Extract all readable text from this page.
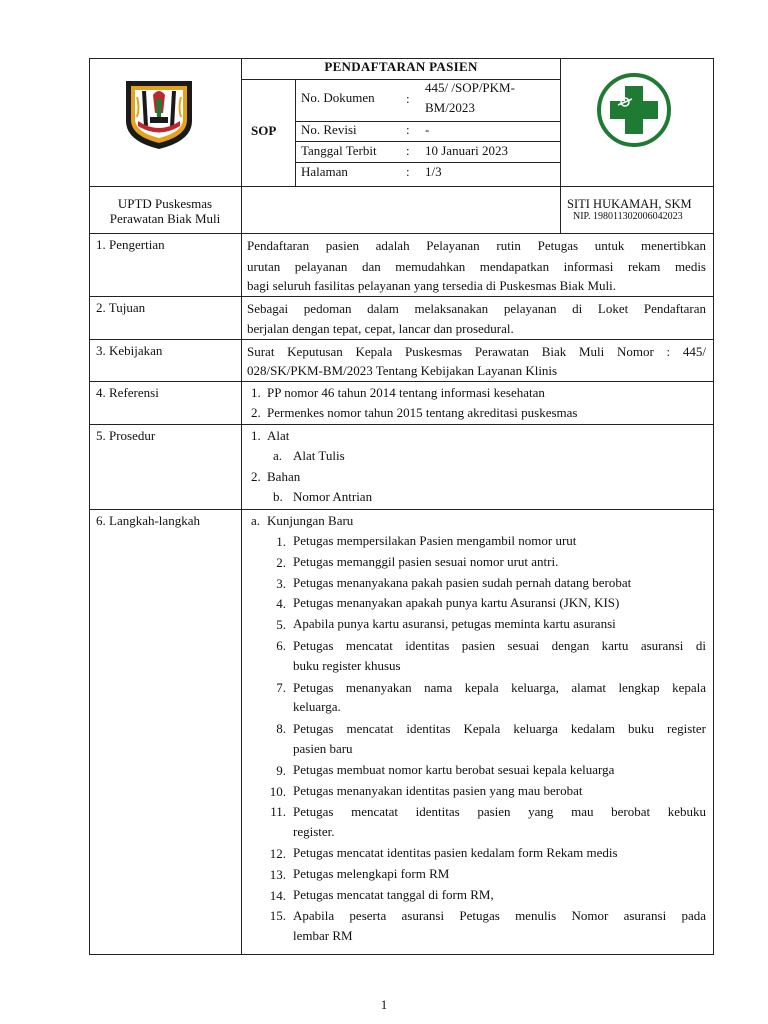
PENDAFTARAN PASIEN
SOP
No. Dokumen :
445/ /SOP/PKM-
BM/2023
No. Revisi	: -
Tanggal Terbit : 10 Januari 2023
Halaman	: 1/3
UPTD Puskesmas
Perawatan Biak Muli
SITI HUKAMAH, SKM
NIP. 198011302006042023
1. Pengertian	Pendaftaran pasien adalah Pelayanan rutin Petugas untuk menertibkan
urutan pelayanan dan memudahkan mendapatkan informasi rekam medis
bagi seluruh fasilitas pelayanan yang tersedia di Puskesmas Biak Muli.
2. Tujuan	Sebagai pedoman dalam melaksanakan pelayanan di Loket Pendaftaran
berjalan dengan tepat, cepat, lancar dan prosedural.
3. Kebijakan	Surat Keputusan Kepala Puskesmas Perawatan Biak Muli Nomor : 445/
028/SK/PKM-BM/2023 Tentang Kebijakan Layanan Klinis
4. Referensi	1. PP nomor 46 tahun 2014 tentang informasi kesehatan
2. Permenkes nomor tahun 2015 tentang akreditasi puskesmas
5. Prosedur	1. Alat
a. Alat Tulis
2. Bahan
b. Nomor Antrian
6. Langkah-langkah	a. Kunjungan Baru
1. Petugas mempersilakan Pasien mengambil nomor urut
2. Petugas memanggil pasien sesuai nomor urut antri.
3. Petugas menanyakana pakah pasien sudah pernah datang berobat
4. Petugas menanyakan apakah punya kartu Asuransi (JKN, KIS)
5. Apabila punya kartu asuransi, petugas meminta kartu asuransi
6. Petugas mencatat identitas pasien sesuai dengan kartu asuransi di
buku register khusus
7. Petugas menanyakan nama kepala keluarga, alamat lengkap kepala
keluarga.
8. Petugas mencatat identitas Kepala keluarga kedalam buku register
pasien baru
9. Petugas membuat nomor kartu berobat sesuai kepala keluarga
10. Petugas menanyakan identitas pasien yang mau berobat
11. Petugas mencatat identitas pasien yang mau berobat kebuku
register.
12. Petugas mencatat identitas pasien kedalam form Rekam medis
13. Petugas melengkapi form RM
14. Petugas mencatat tanggal di form RM,
15. Apabila peserta asuransi Petugas menulis Nomor asuransi pada
lembar RM
1
